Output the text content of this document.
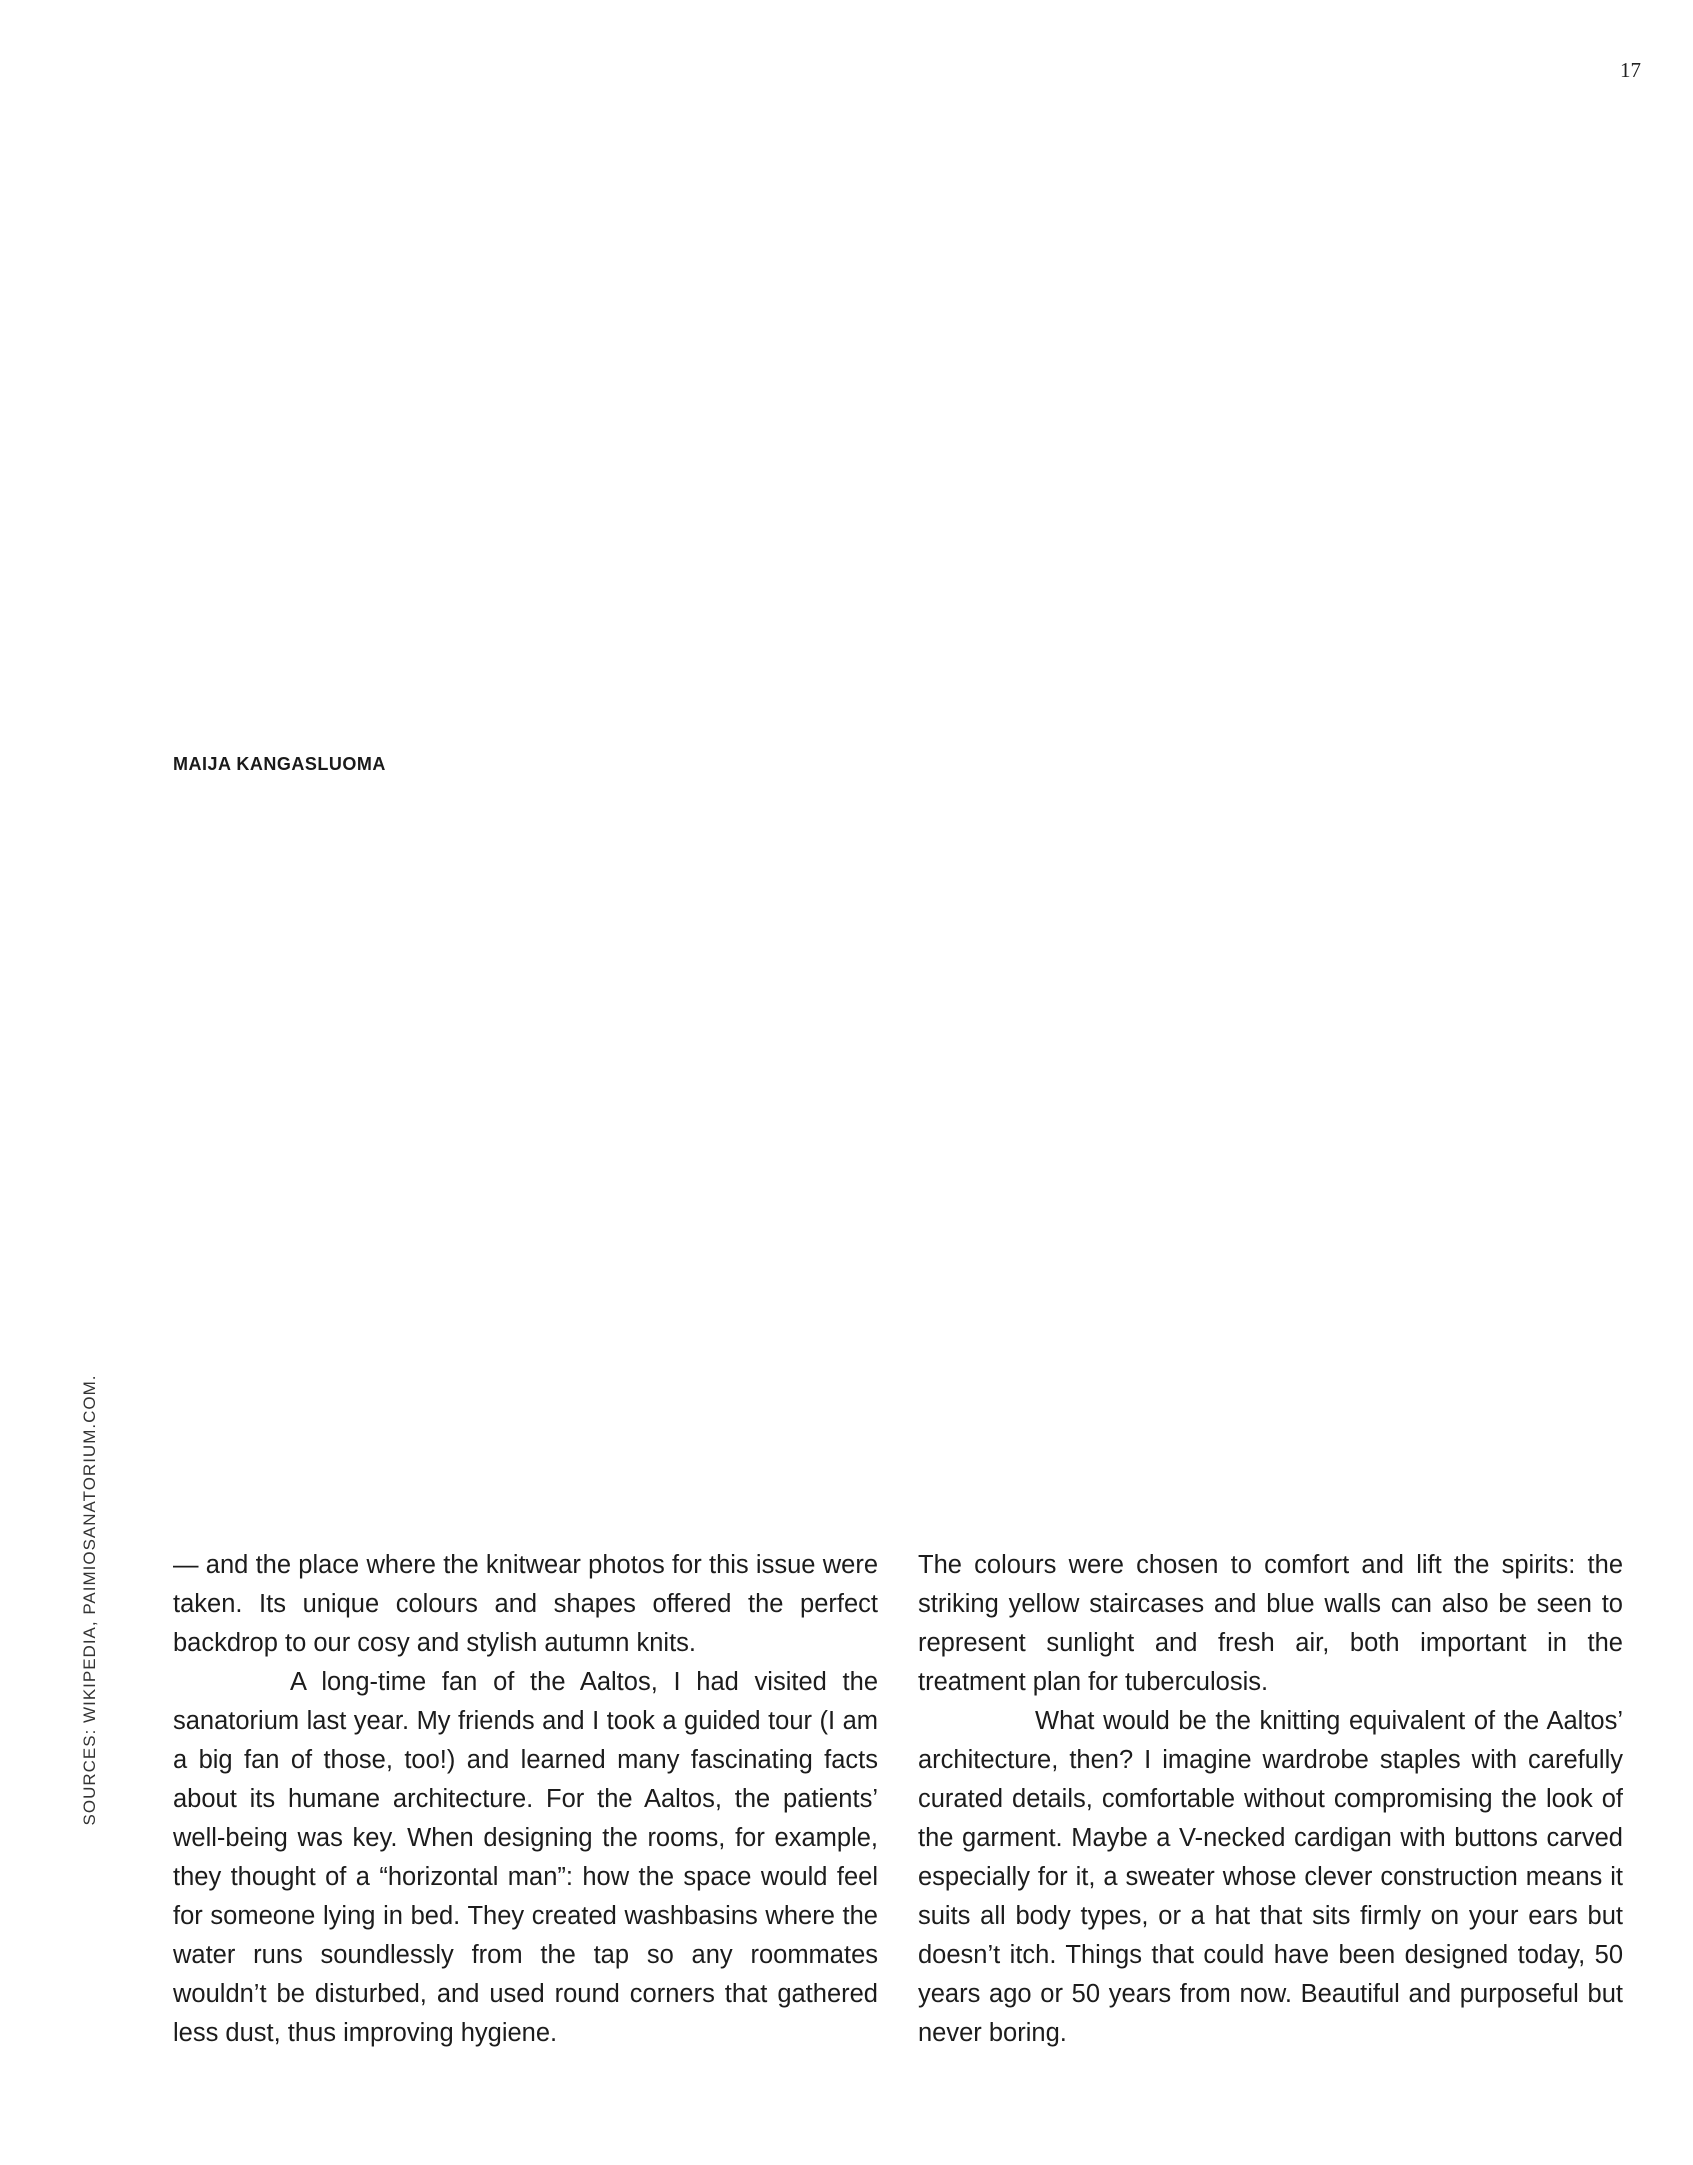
17
MAIJA KANGASLUOMA
SOURCES: WIKIPEDIA, PAIMIOSANATORIUM.COM.	— and the place where the knitwear photos for this issue were taken. Its unique colours and shapes offered the perfect backdrop to our cosy and stylish autumn knits.

A long-time fan of the Aaltos, I had visited the sanatorium last year. My friends and I took a guided tour (I am a big fan of those, too!) and learned many fascinating facts about its humane architecture. For the Aaltos, the patients’ well-being was key. When designing the rooms, for example, they thought of a “horizontal man”: how the space would feel for someone lying in bed. They created washbasins where the water runs soundlessly from the tap so any roommates wouldn’t be disturbed, and used round corners that gathered less dust, thus improving hygiene.

The colours were chosen to comfort and lift the spirits: the striking yellow staircases and blue walls can also be seen to represent sunlight and fresh air, both important in the treatment plan for tuberculosis.

What would be the knitting equivalent of the Aaltos’ architecture, then? I imagine wardrobe staples with carefully curated details, comfortable without compromising the look of the garment. Maybe a V-necked cardigan with buttons carved especially for it, a sweater whose clever construction means it suits all body types, or a hat that sits firmly on your ears but doesn’t itch. Things that could have been designed today, 50 years ago or 50 years from now. Beautiful and purposeful but never boring.
